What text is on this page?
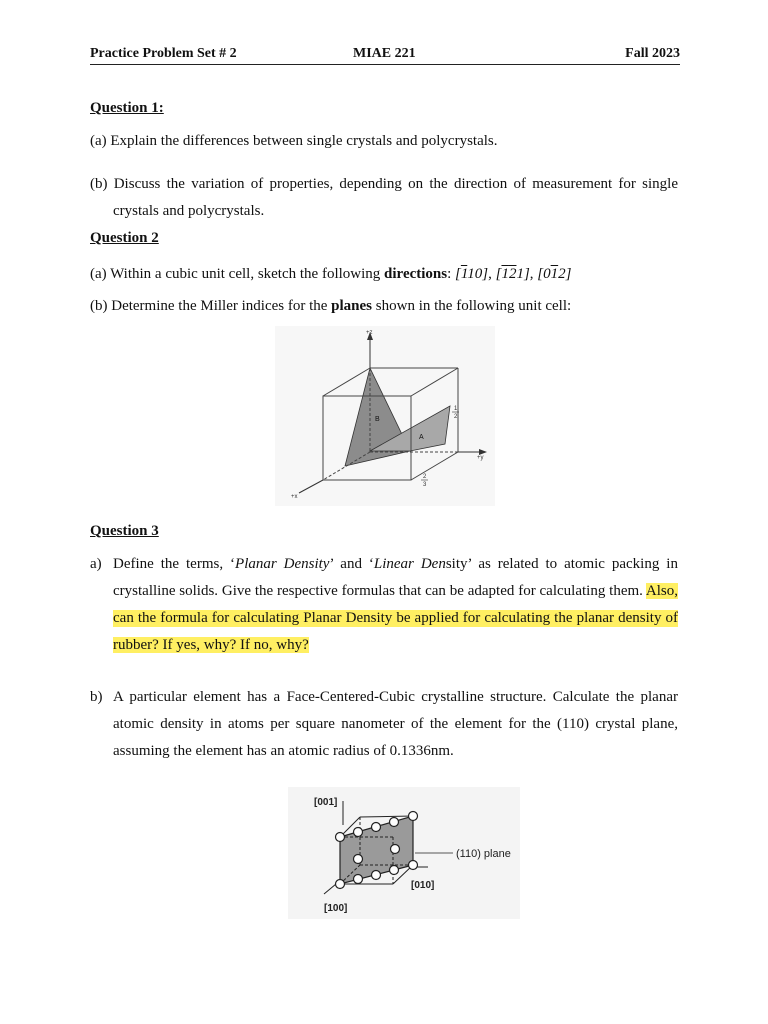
Practice Problem Set # 2	MIAE 221	Fall 2023
Question 1:
(a) Explain the differences between single crystals and polycrystals.
(b) Discuss the variation of properties, depending on the direction of measurement for single
crystals and polycrystals.
Question 2
(a) Within a cubic unit cell, sketch the following directions: [110], [121], [012]
(b) Determine the Miller indices for the planes shown in the following unit cell:
+z
+y
+x
B
A
1
2
2
3
Question 3
a) Define the terms, ‘Planar Density’ and ‘Linear Density’ as related to atomic packing in
crystalline solids. Give the respective formulas that can be adapted for calculating them. Also,
can the formula for calculating Planar Density be applied for calculating the planar density of
rubber? If yes, why? If no, why?
b) A particular element has a Face-Centered-Cubic crystalline structure. Calculate the planar
atomic density in atoms per square nanometer of the element for the (110) crystal plane,
assuming the element has an atomic radius of 0.1336nm.
[001]
[010]
[100]
(110) plane
